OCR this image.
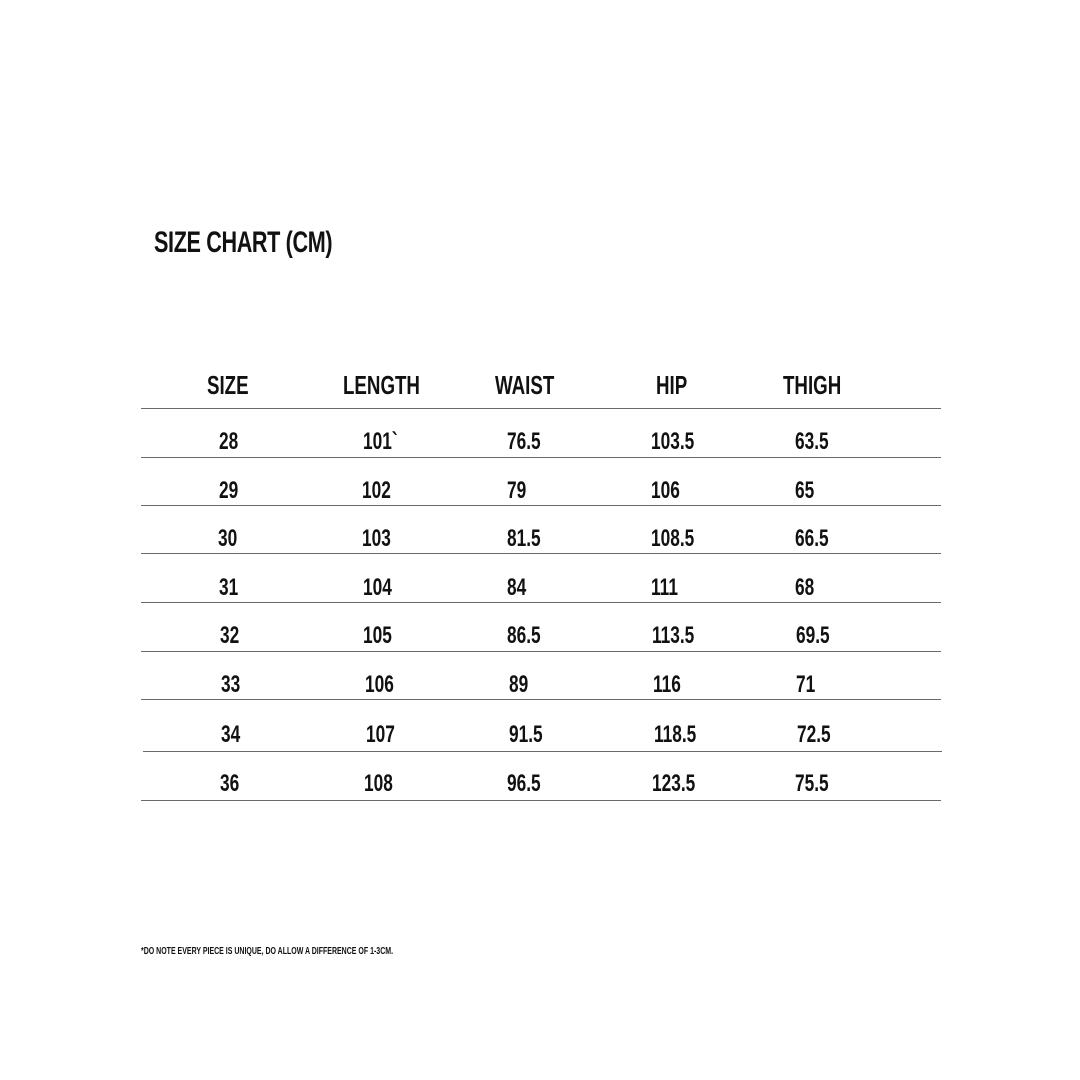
SIZE CHART (CM)
SIZE	LENGTH	WAIST	HIP	THIGH
28	101`	76.5	103.5	63.5
29	102	79	106	65
30	103	81.5	108.5	66.5
31	104	84	111	68
32	105	86.5	113.5	69.5
33	106	89	116	71
34	107	91.5	118.5	72.5
36	108	96.5	123.5	75.5
*DO NOTE EVERY PIECE IS UNIQUE, DO ALLOW A DIFFERENCE OF 1-3CM.
